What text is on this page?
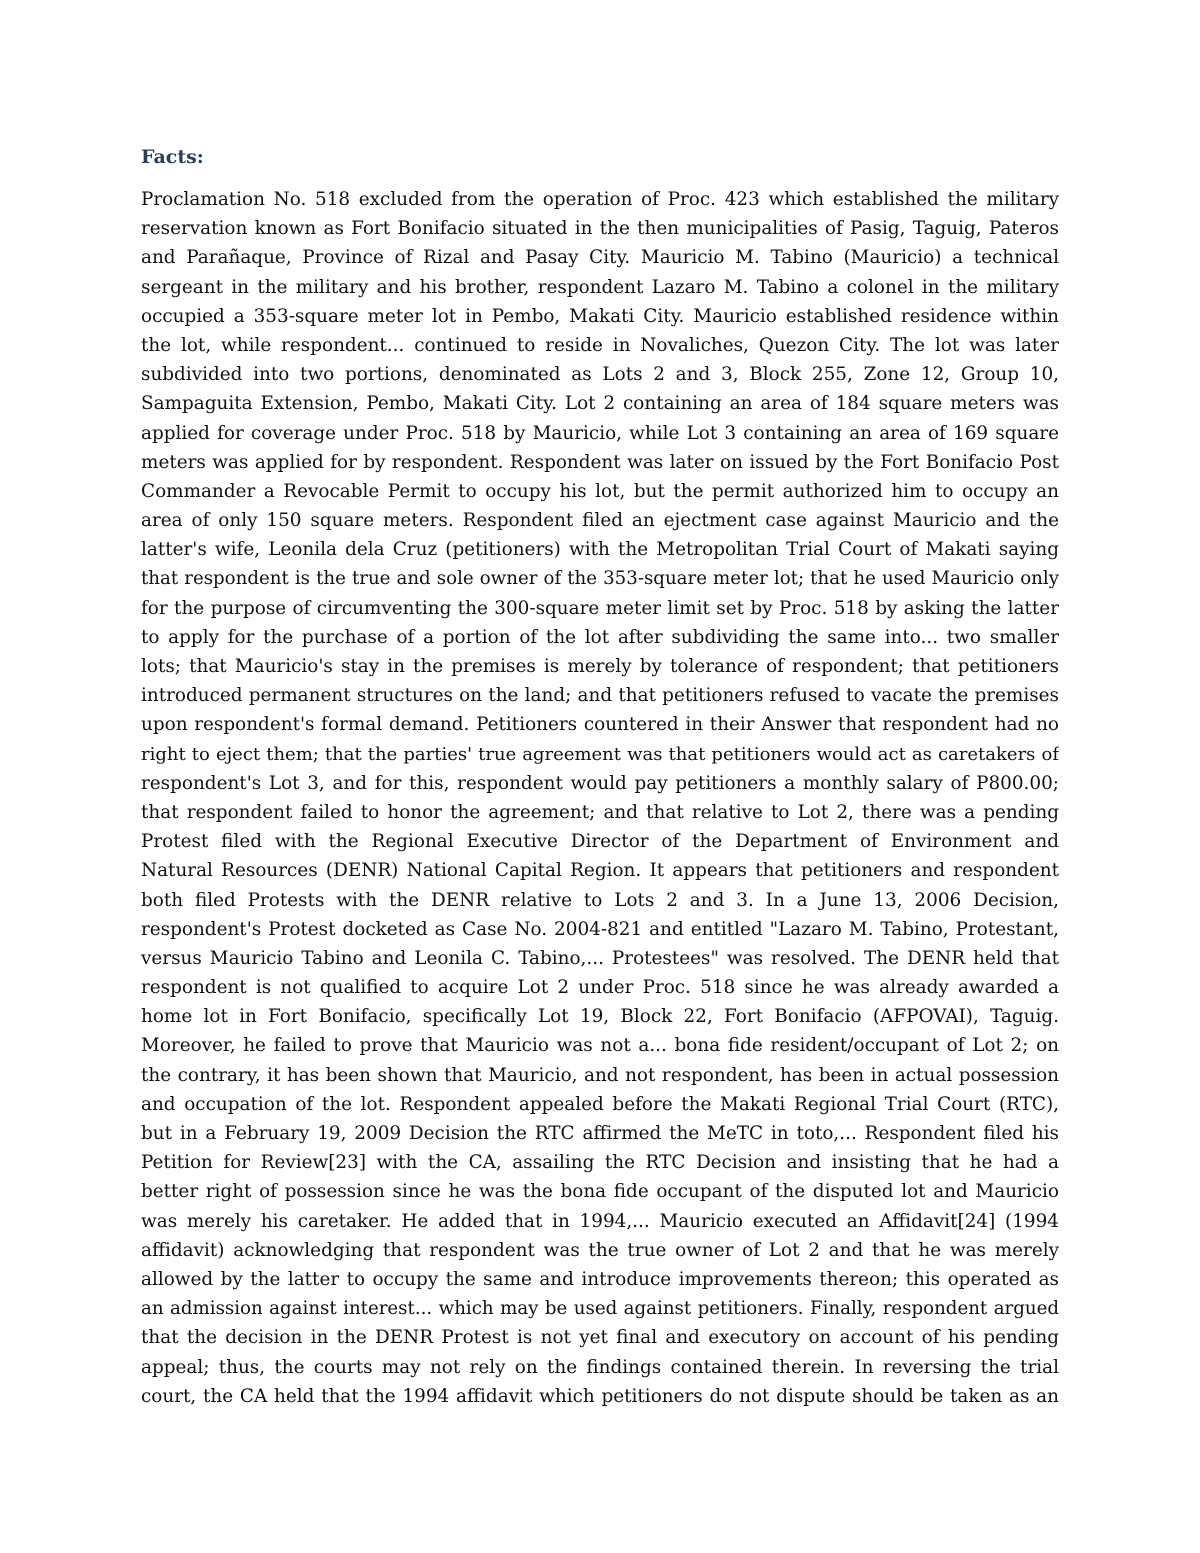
Facts:
Proclamation No. 518 excluded from the operation of Proc. 423 which established the military
reservation known as Fort Bonifacio situated in the then municipalities of Pasig, Taguig, Pateros
and Parañaque, Province of Rizal and Pasay City. Mauricio M. Tabino (Mauricio) a technical
sergeant in the military and his brother, respondent Lazaro M. Tabino a colonel in the military
occupied a 353-square meter lot in Pembo, Makati City. Mauricio established residence within
the lot, while respondent... continued to reside in Novaliches, Quezon City. The lot was later
subdivided into two portions, denominated as Lots 2 and 3, Block 255, Zone 12, Group 10,
Sampaguita Extension, Pembo, Makati City. Lot 2 containing an area of 184 square meters was
applied for coverage under Proc. 518 by Mauricio, while Lot 3 containing an area of 169 square
meters was applied for by respondent. Respondent was later on issued by the Fort Bonifacio Post
Commander a Revocable Permit to occupy his lot, but the permit authorized him to occupy an
area of only 150 square meters. Respondent filed an ejectment case against Mauricio and the
latter's wife, Leonila dela Cruz (petitioners) with the Metropolitan Trial Court of Makati saying
that respondent is the true and sole owner of the 353-square meter lot; that he used Mauricio only
for the purpose of circumventing the 300-square meter limit set by Proc. 518 by asking the latter
to apply for the purchase of a portion of the lot after subdividing the same into... two smaller
lots; that Mauricio's stay in the premises is merely by tolerance of respondent; that petitioners
introduced permanent structures on the land; and that petitioners refused to vacate the premises
upon respondent's formal demand. Petitioners countered in their Answer that respondent had no
right to eject them; that the parties' true agreement was that petitioners would act as caretakers of
respondent's Lot 3, and for this, respondent would pay petitioners a monthly salary of P800.00;
that respondent failed to honor the agreement; and that relative to Lot 2, there was a pending
Protest filed with the Regional Executive Director of the Department of Environment and
Natural Resources (DENR) National Capital Region. It appears that petitioners and respondent
both filed Protests with the DENR relative to Lots 2 and 3. In a June 13, 2006 Decision,
respondent's Protest docketed as Case No. 2004-821 and entitled "Lazaro M. Tabino, Protestant,
versus Mauricio Tabino and Leonila C. Tabino,... Protestees" was resolved. The DENR held that
respondent is not qualified to acquire Lot 2 under Proc. 518 since he was already awarded a
home lot in Fort Bonifacio, specifically Lot 19, Block 22, Fort Bonifacio (AFPOVAI), Taguig.
Moreover, he failed to prove that Mauricio was not a... bona fide resident/occupant of Lot 2; on
the contrary, it has been shown that Mauricio, and not respondent, has been in actual possession
and occupation of the lot. Respondent appealed before the Makati Regional Trial Court (RTC),
but in a February 19, 2009 Decision the RTC affirmed the MeTC in toto,... Respondent filed his
Petition for Review[23] with the CA, assailing the RTC Decision and insisting that he had a
better right of possession since he was the bona fide occupant of the disputed lot and Mauricio
was merely his caretaker. He added that in 1994,... Mauricio executed an Affidavit[24] (1994
affidavit) acknowledging that respondent was the true owner of Lot 2 and that he was merely
allowed by the latter to occupy the same and introduce improvements thereon; this operated as
an admission against interest... which may be used against petitioners. Finally, respondent argued
that the decision in the DENR Protest is not yet final and executory on account of his pending
appeal; thus, the courts may not rely on the findings contained therein. In reversing the trial
court, the CA held that the 1994 affidavit which petitioners do not dispute should be taken as an
